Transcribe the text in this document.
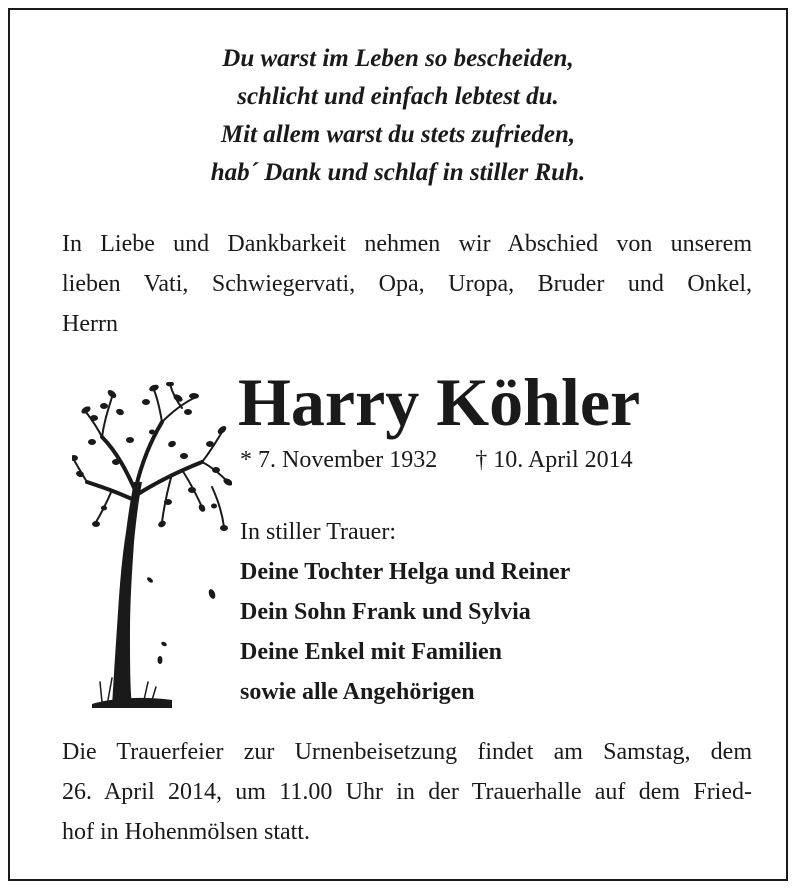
Du warst im Leben so bescheiden,
schlicht und einfach lebtest du.
Mit allem warst du stets zufrieden,
hab´ Dank und schlaf in stiller Ruh.
In Liebe und Dankbarkeit nehmen wir Abschied von unserem
lieben Vati, Schwiegervati, Opa, Uropa, Bruder und Onkel,
Herrn
Harry Köhler
* 7. November 1932 † 10. April 2014
In stiller Trauer:
Deine Tochter Helga und Reiner
Dein Sohn Frank und Sylvia
Deine Enkel mit Familien
sowie alle Angehörigen
Die Trauerfeier zur Urnenbeisetzung findet am Samstag, dem
26. April 2014, um 11.00 Uhr in der Trauerhalle auf dem Fried-
hof in Hohenmölsen statt.
